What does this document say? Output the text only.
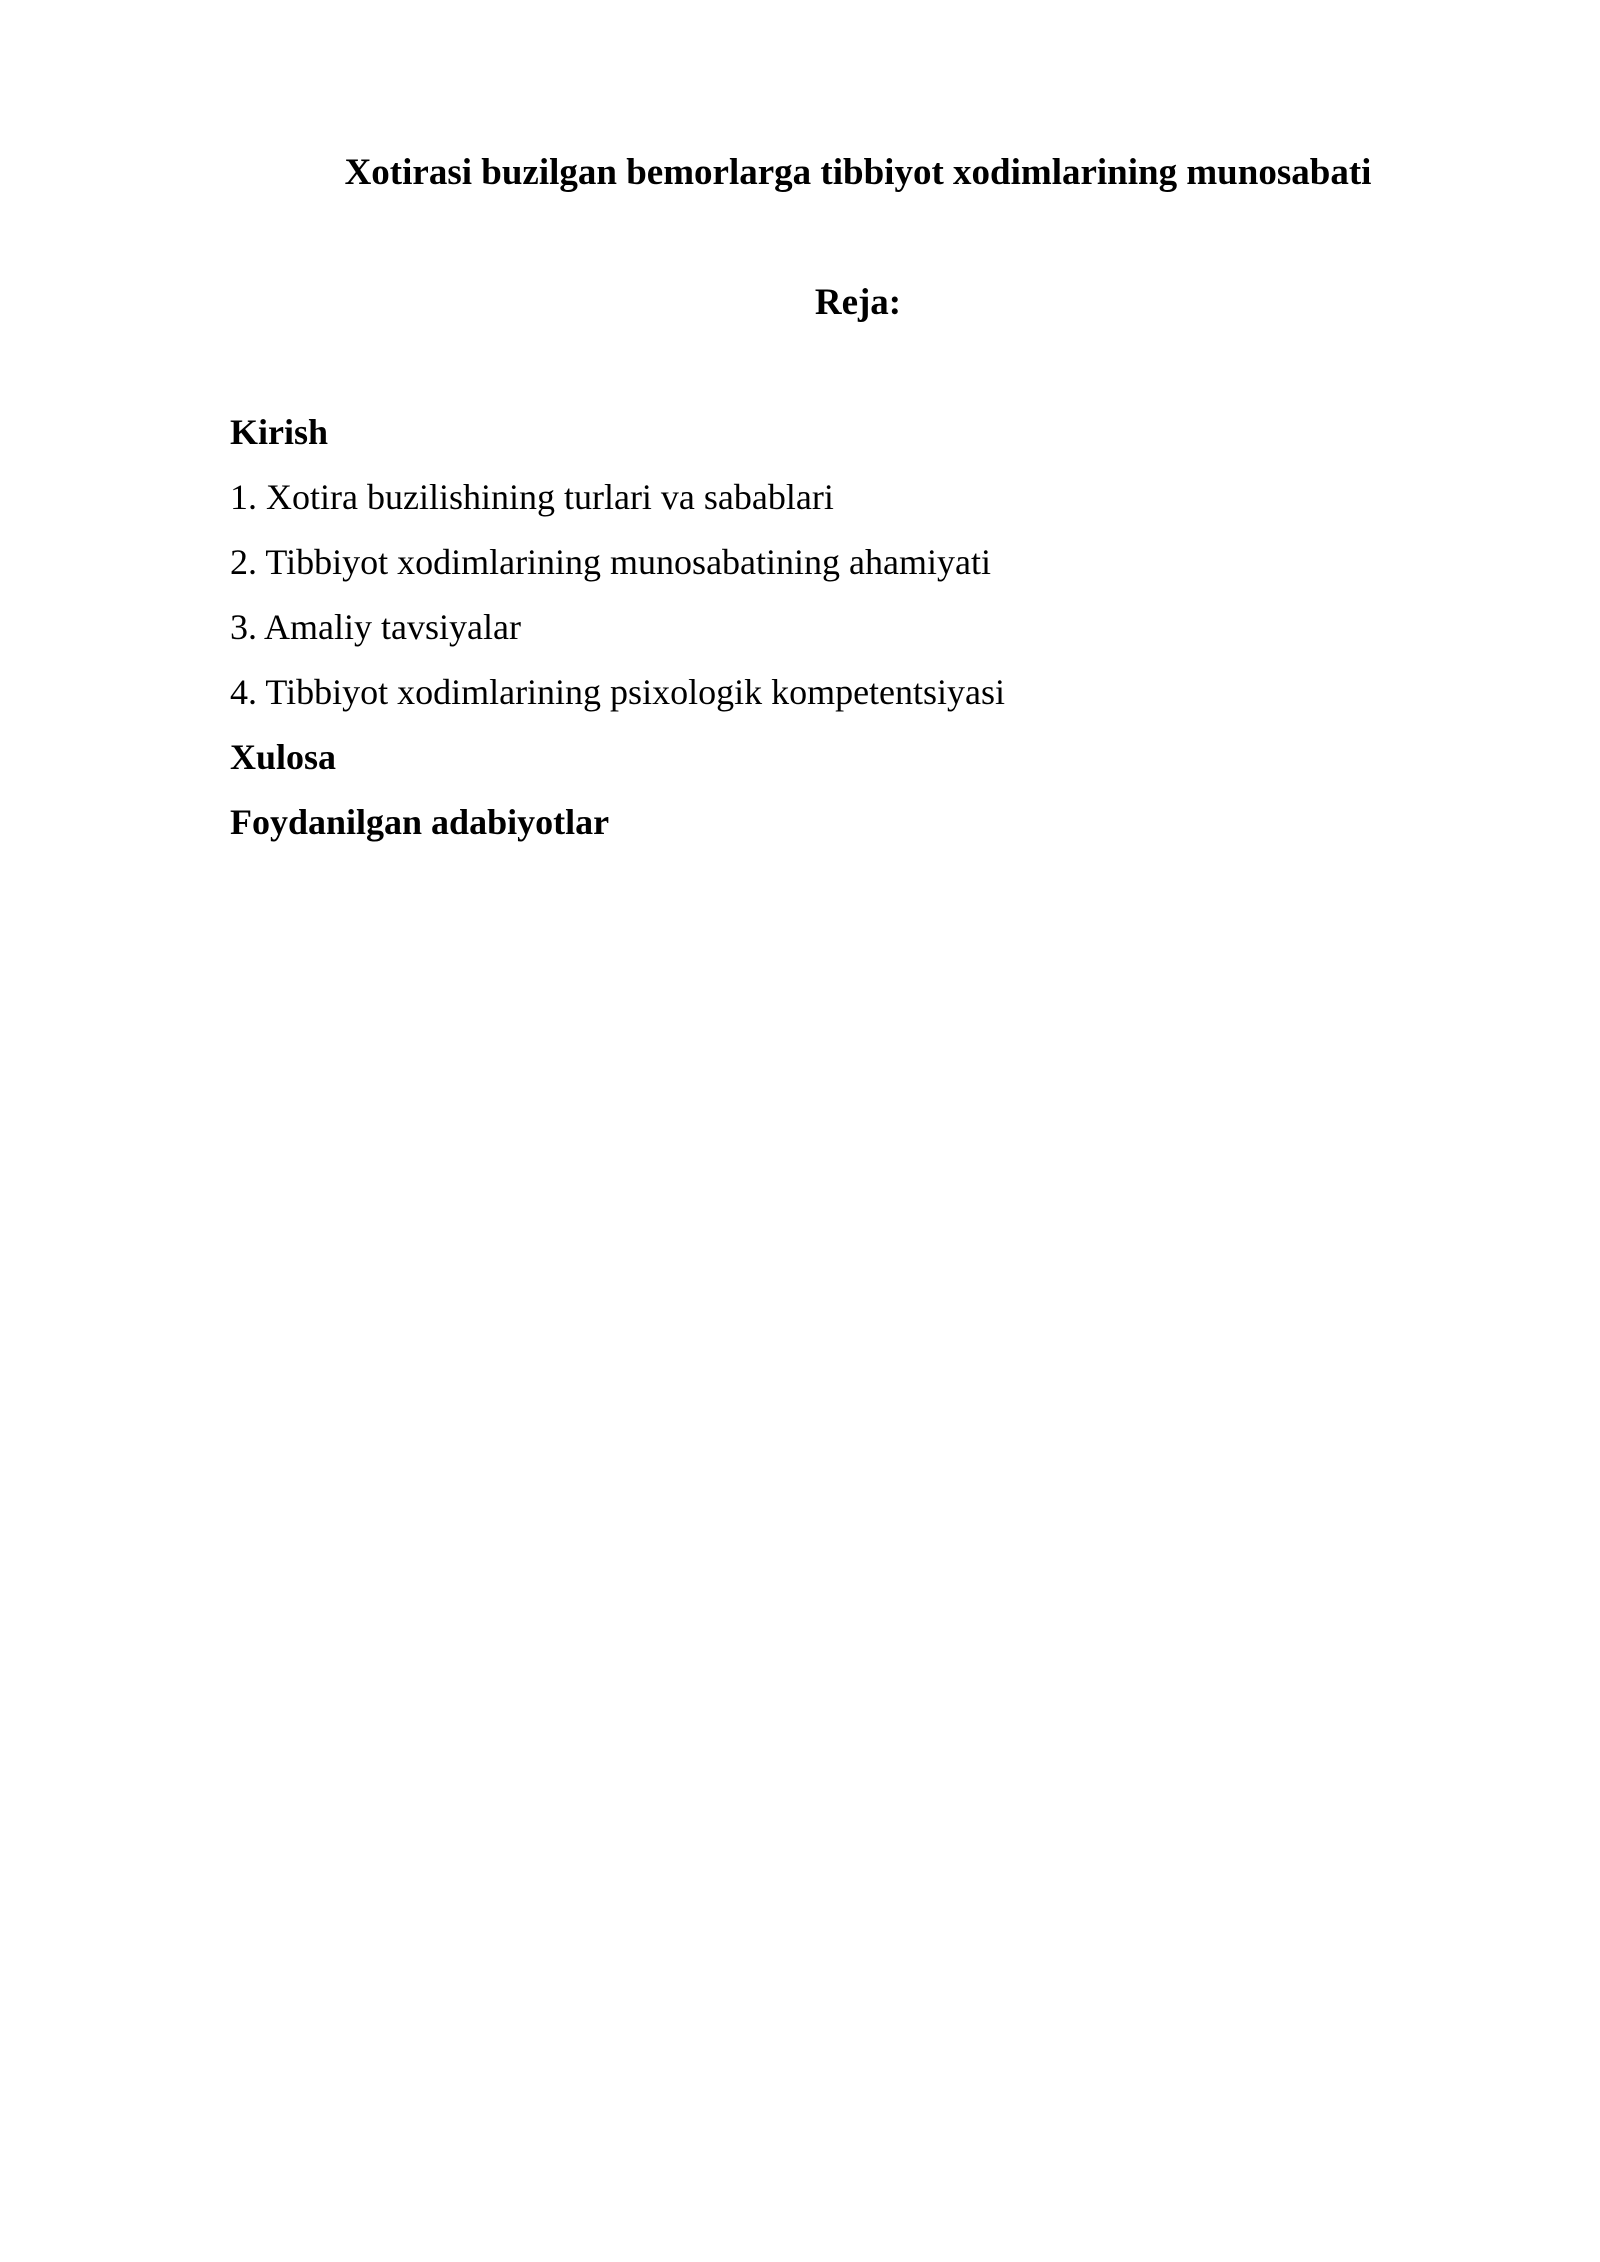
Xotirasi buzilgan bemorlarga tibbiyot xodimlarining munosabati
Reja:
Kirish
1. Xotira buzilishining turlari va sabablari
2. Tibbiyot xodimlarining munosabatining ahamiyati
3. Amaliy tavsiyalar
4. Tibbiyot xodimlarining psixologik kompetentsiyasi
Xulosa
Foydanilgan adabiyotlar
